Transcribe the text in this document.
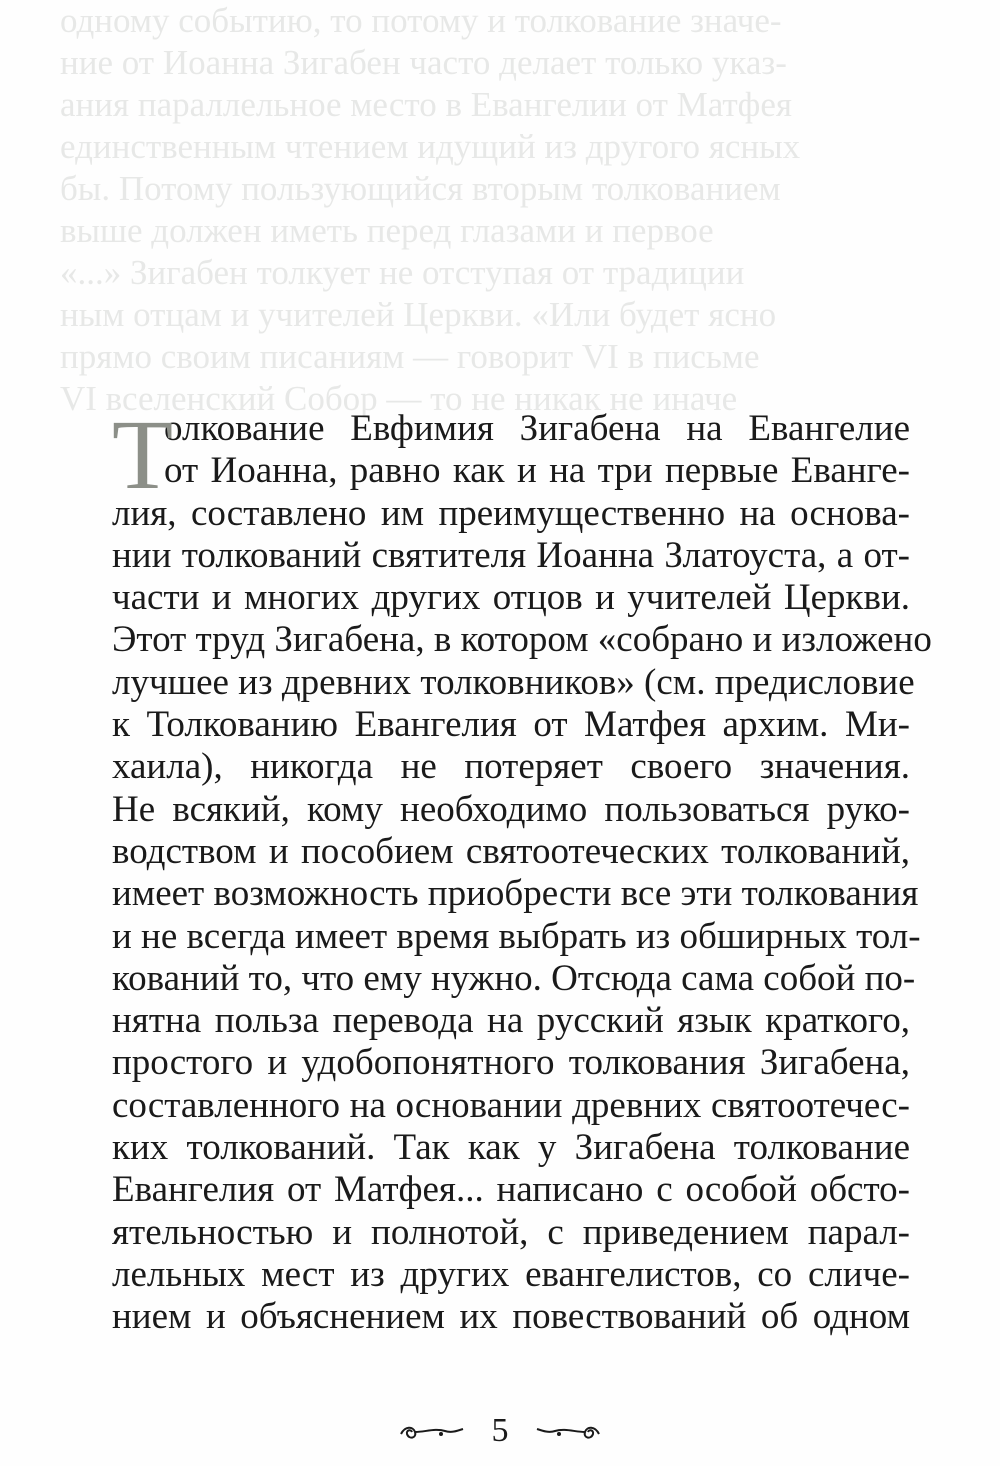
одному событию, то потому и толкование значе-
ние от Иоанна Зигабен часто делает только указ-
ания параллельное место в Евангелии от Матфея
единственным чтением идущий из другого ясных
бы. Потому пользующийся вторым толкованием
выше должен иметь перед глазами и первое
«...» Зигабен толкует не отступая от традиции
ным отцам и учителей Церкви. «Или будет ясно
прямо своим писаниям — говорит VI в письме
VI вселенский Собор — то не никак не иначе
Т
олкование Евфимия Зигабена на Евангелие
от Иоанна, равно как и на три первые Еванге-
лия, составлено им преимущественно на основа-
нии толкований святителя Иоанна Златоуста, а от-
части и многих других отцов и учителей Церкви.
Этот труд Зигабена, в котором «собрано и изложено
лучшее из древних толковников» (см. предисловие
к Толкованию Евангелия от Матфея архим. Ми-
хаила), никогда не потеряет своего значения.
Не всякий, кому необходимо пользоваться руко-
водством и пособием святоотеческих толкований,
имеет возможность приобрести все эти толкования
и не всегда имеет время выбрать из обширных тол-
кований то, что ему нужно. Отсюда сама собой по-
нятна польза перевода на русский язык краткого,
простого и удобопонятного толкования Зигабена,
составленного на основании древних святоотечес-
ких толкований. Так как у Зигабена толкование
Евангелия от Матфея... написано с особой обсто-
ятельностью и полнотой, с приведением парал-
лельных мест из других евангелистов, со сличе-
нием и объяснением их повествований об одном
5
